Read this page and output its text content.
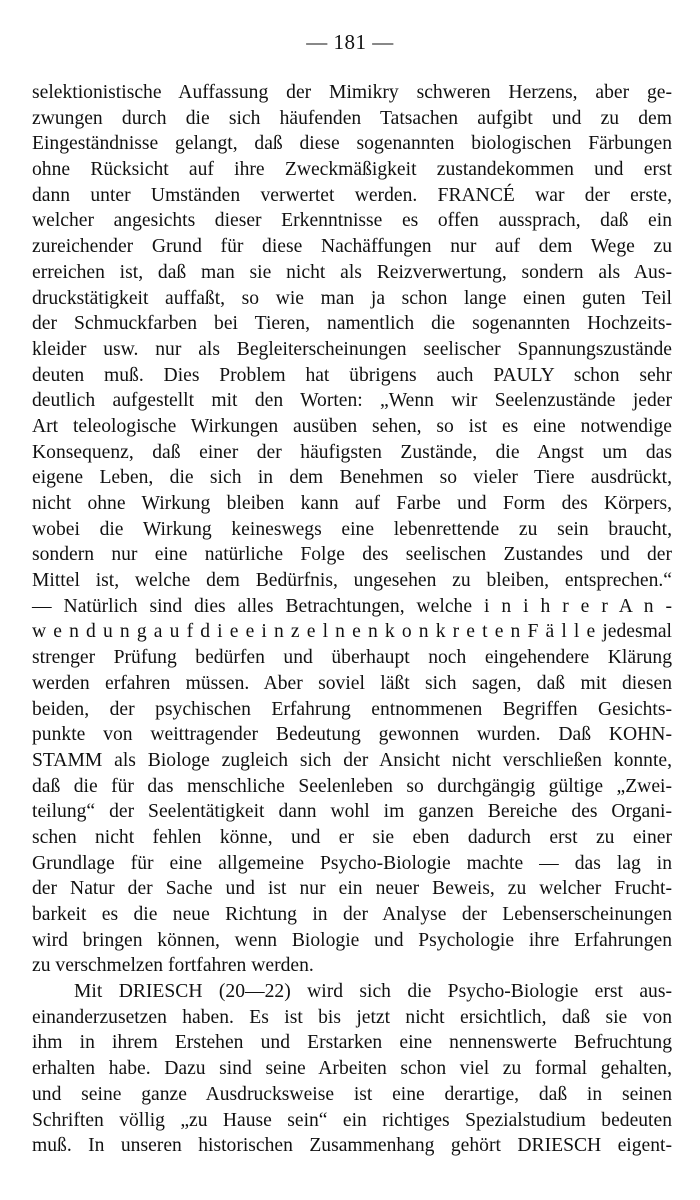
— 181 —
selektionistische Auffassung der Mimikry schweren Herzens, aber ge-
zwungen durch die sich häufenden Tatsachen aufgibt und zu dem
Eingeständnisse gelangt, daß diese sogenannten biologischen Färbungen
ohne Rücksicht auf ihre Zweckmäßigkeit zustandekommen und erst
dann unter Umständen verwertet werden. FRANCÉ war der erste,
welcher angesichts dieser Erkenntnisse es offen aussprach, daß ein
zureichender Grund für diese Nachäffungen nur auf dem Wege zu
erreichen ist, daß man sie nicht als Reizverwertung, sondern als Aus-
druckstätigkeit auffaßt, so wie man ja schon lange einen guten Teil
der Schmuckfarben bei Tieren, namentlich die sogenannten Hochzeits-
kleider usw. nur als Begleiterscheinungen seelischer Spannungszustände
deuten muß. Dies Problem hat übrigens auch PAULY schon sehr
deutlich aufgestellt mit den Worten: „Wenn wir Seelenzustände jeder
Art teleologische Wirkungen ausüben sehen, so ist es eine notwendige
Konsequenz, daß einer der häufigsten Zustände, die Angst um das
eigene Leben, die sich in dem Benehmen so vieler Tiere ausdrückt,
nicht ohne Wirkung bleiben kann auf Farbe und Form des Körpers,
wobei die Wirkung keineswegs eine lebenrettende zu sein braucht,
sondern nur eine natürliche Folge des seelischen Zustandes und der
Mittel ist, welche dem Bedürfnis, ungesehen zu bleiben, entsprechen.“
— Natürlich sind dies alles Betrachtungen, welche i n i h r e r A n -
w e n d u n g a u f d i e e i n z e l n e n k o n k r e t e n F ä l l e jedesmal
strenger Prüfung bedürfen und überhaupt noch eingehendere Klärung
werden erfahren müssen. Aber soviel läßt sich sagen, daß mit diesen
beiden, der psychischen Erfahrung entnommenen Begriffen Gesichts-
punkte von weittragender Bedeutung gewonnen wurden. Daß KOHN-
STAMM als Biologe zugleich sich der Ansicht nicht verschließen konnte,
daß die für das menschliche Seelenleben so durchgängig gültige „Zwei-
teilung“ der Seelentätigkeit dann wohl im ganzen Bereiche des Organi-
schen nicht fehlen könne, und er sie eben dadurch erst zu einer
Grundlage für eine allgemeine Psycho-Biologie machte — das lag in
der Natur der Sache und ist nur ein neuer Beweis, zu welcher Frucht-
barkeit es die neue Richtung in der Analyse der Lebenserscheinungen
wird bringen können, wenn Biologie und Psychologie ihre Erfahrungen
zu verschmelzen fortfahren werden.
Mit DRIESCH (20—22) wird sich die Psycho-Biologie erst aus-
einanderzusetzen haben. Es ist bis jetzt nicht ersichtlich, daß sie von
ihm in ihrem Erstehen und Erstarken eine nennenswerte Befruchtung
erhalten habe. Dazu sind seine Arbeiten schon viel zu formal gehalten,
und seine ganze Ausdrucksweise ist eine derartige, daß in seinen
Schriften völlig „zu Hause sein“ ein richtiges Spezialstudium bedeuten
muß. In unseren historischen Zusammenhang gehört DRIESCH eigent-
